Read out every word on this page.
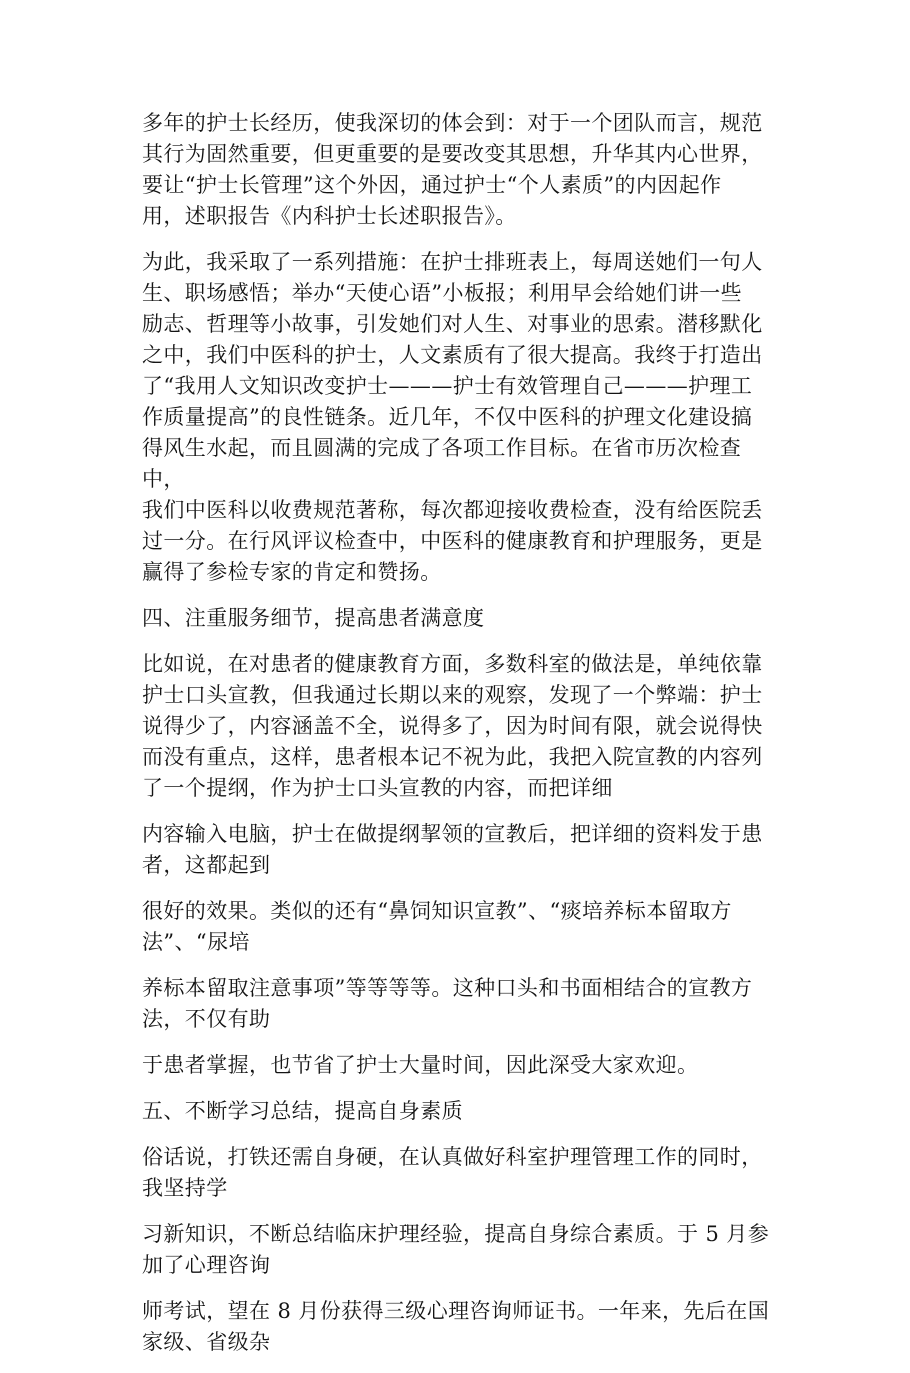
多年的护士长经历，使我深切的体会到：对于一个团队而言，规范
其行为固然重要，但更重要的是要改变其思想，升华其内心世界，
要让“护士长管理”这个外因，通过护士“个人素质”的内因起作
用，述职报告《内科护士长述职报告》。

为此，我采取了一系列措施：在护士排班表上，每周送她们一句人
生、职场感悟；举办“天使心语”小板报；利用早会给她们讲一些
励志、哲理等小故事，引发她们对人生、对事业的思索。潜移默化
之中，我们中医科的护士，人文素质有了很大提高。我终于打造出
了“我用人文知识改变护士———护士有效管理自己———护理工
作质量提高”的良性链条。近几年，不仅中医科的护理文化建设搞
得风生水起，而且圆满的完成了各项工作目标。在省市历次检查中，
我们中医科以收费规范著称，每次都迎接收费检查，没有给医院丢
过一分。在行风评议检查中，中医科的健康教育和护理服务，更是
赢得了参检专家的肯定和赞扬。

四、注重服务细节，提高患者满意度

比如说，在对患者的健康教育方面，多数科室的做法是，单纯依靠
护士口头宣教，但我通过长期以来的观察，发现了一个弊端：护士
说得少了，内容涵盖不全，说得多了，因为时间有限，就会说得快
而没有重点，这样，患者根本记不祝为此，我把入院宣教的内容列
了一个提纲，作为护士口头宣教的内容，而把详细

内容输入电脑，护士在做提纲挈领的宣教后，把详细的资料发于患
者，这都起到

很好的效果。类似的还有“鼻饲知识宣教”、“痰培养标本留取方
法”、“尿培

养标本留取注意事项”等等等等。这种口头和书面相结合的宣教方
法，不仅有助

于患者掌握，也节省了护士大量时间，因此深受大家欢迎。

五、不断学习总结，提高自身素质

俗话说，打铁还需自身硬，在认真做好科室护理管理工作的同时，
我坚持学

习新知识，不断总结临床护理经验，提高自身综合素质。于 5 月参
加了心理咨询

师考试，望在 8 月份获得三级心理咨询师证书。一年来，先后在国
家级、省级杂
